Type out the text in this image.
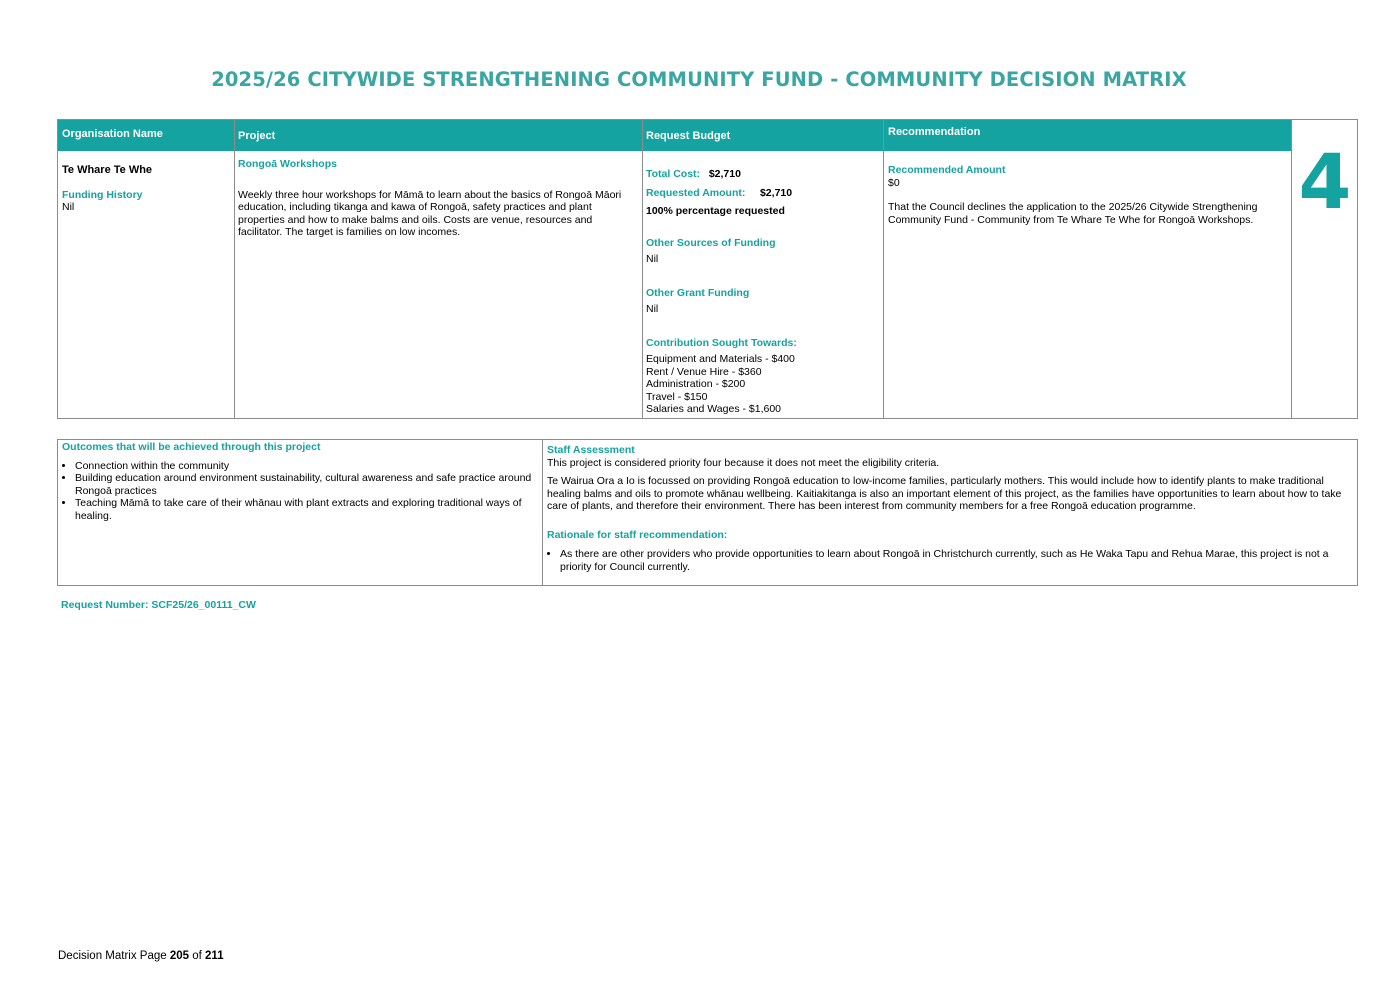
2025/26 CITYWIDE STRENGTHENING COMMUNITY FUND - COMMUNITY DECISION MATRIX
Organisation Name	Project	Request Budget	Recommendation
Te Whare Te Whe
Funding History
Nil
Rongoā Workshops
Weekly three hour workshops for Māmā to learn about the basics of Rongoā Māori education, including tikanga and kawa of Rongoā, safety practices and plant properties and how to make balms and oils. Costs are venue, resources and facilitator. The target is families on low incomes.
Total Cost: $2,710
Requested Amount: $2,710
100% percentage requested
Other Sources of Funding
Nil
Other Grant Funding
Nil
Contribution Sought Towards:
Equipment and Materials - $400
Rent / Venue Hire - $360
Administration - $200
Travel - $150
Salaries and Wages - $1,600
Recommended Amount
$0
That the Council declines the application to the 2025/26 Citywide Strengthening Community Fund - Community from Te Whare Te Whe for Rongoā Workshops. 4
Outcomes that will be achieved through this project
• Connection within the community
• Building education around environment sustainability, cultural awareness and safe practice around Rongoā practices
• Teaching Māmā to take care of their whānau with plant extracts and exploring traditional ways of healing.
Staff Assessment
This project is considered priority four because it does not meet the eligibility criteria.
Te Wairua Ora a Io is focussed on providing Rongoā education to low-income families, particularly mothers. This would include how to identify plants to make traditional healing balms and oils to promote whānau wellbeing. Kaitiakitanga is also an important element of this project, as the families have opportunities to learn about how to take care of plants, and therefore their environment. There has been interest from community members for a free Rongoā education programme.
Rationale for staff recommendation:
• As there are other providers who provide opportunities to learn about Rongoā in Christchurch currently, such as He Waka Tapu and Rehua Marae, this project is not a priority for Council currently.
Request Number: SCF25/26_00111_CW
Decision Matrix Page 205 of 211
